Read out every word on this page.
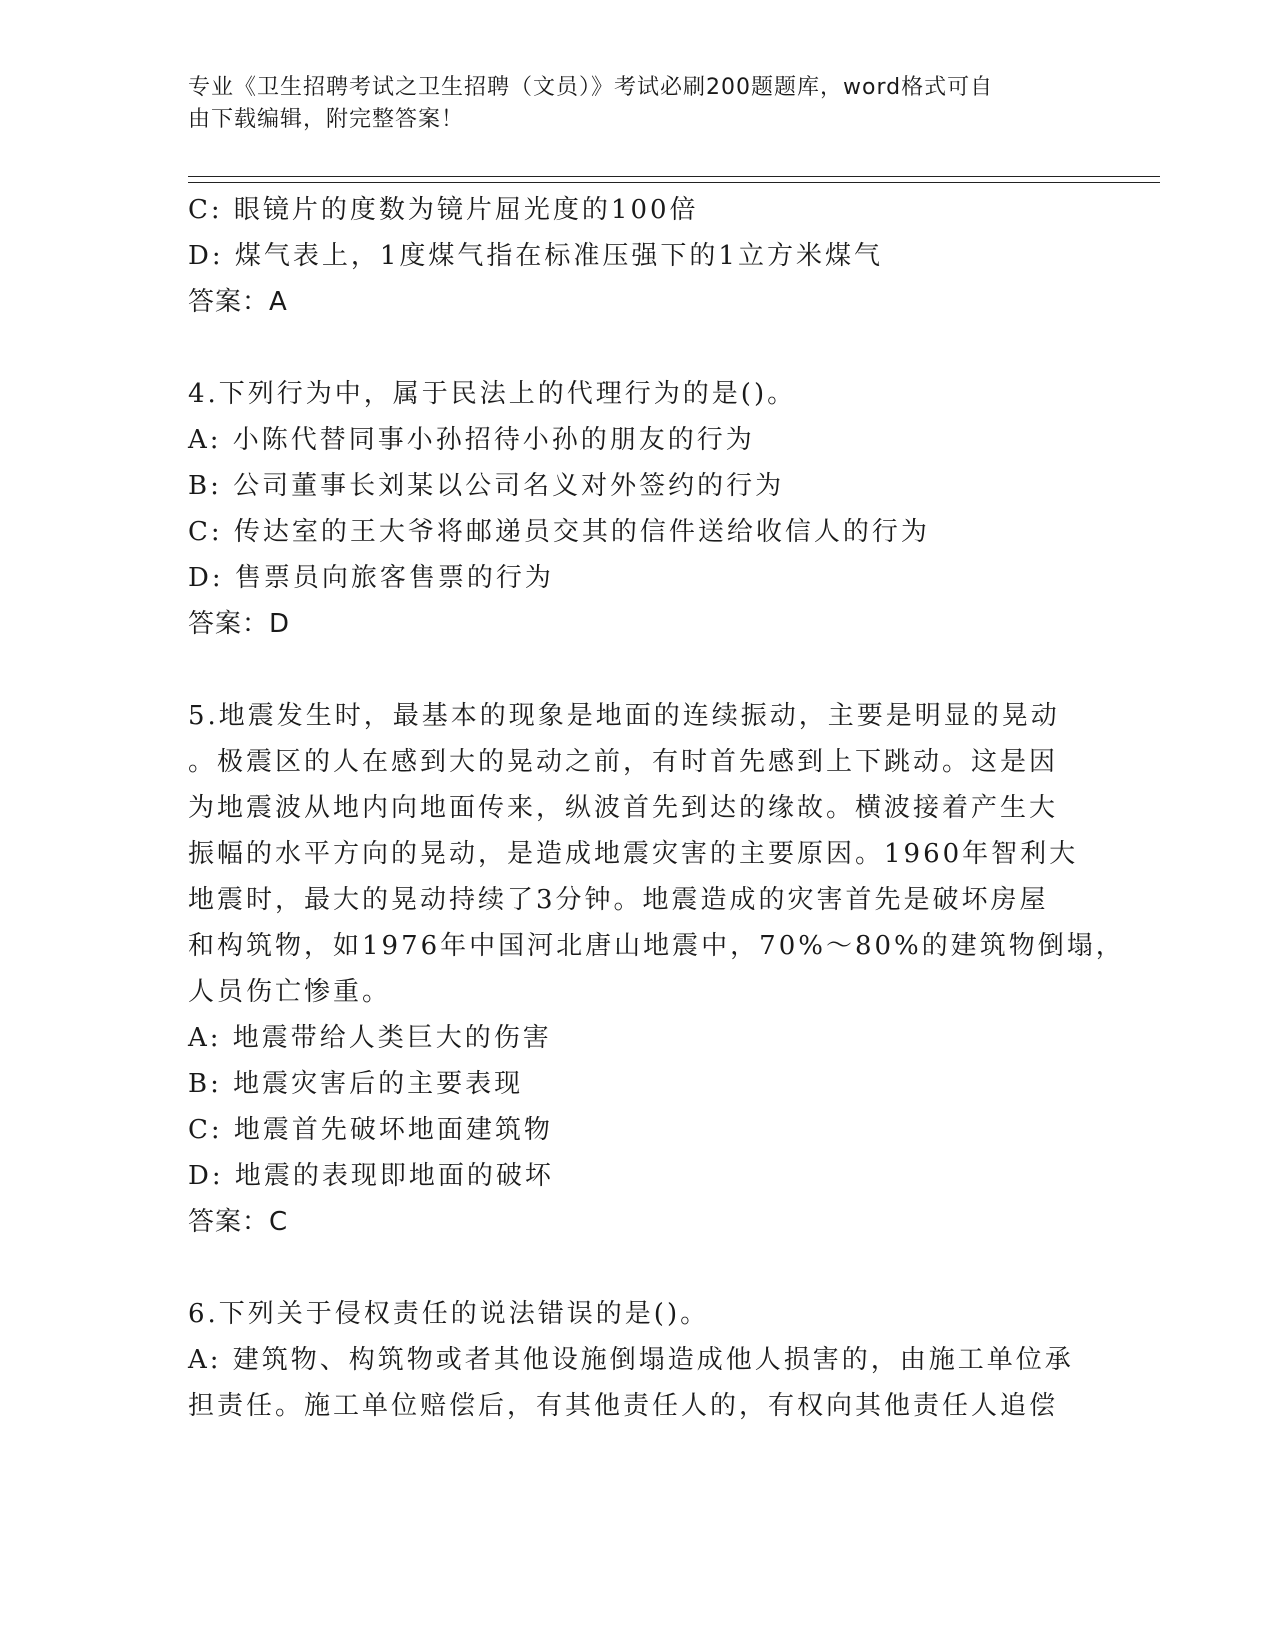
专业《卫生招聘考试之卫生招聘（文员）》考试必刷200题题库，word格式可自
由下载编辑，附完整答案！
C: 眼镜片的度数为镜片屈光度的100倍
D: 煤气表上，1度煤气指在标准压强下的1立方米煤气
答案：A
4.下列行为中，属于民法上的代理行为的是()。
A: 小陈代替同事小孙招待小孙的朋友的行为
B: 公司董事长刘某以公司名义对外签约的行为
C: 传达室的王大爷将邮递员交其的信件送给收信人的行为
D: 售票员向旅客售票的行为
答案：D
5.地震发生时，最基本的现象是地面的连续振动，主要是明显的晃动
。极震区的人在感到大的晃动之前，有时首先感到上下跳动。这是因
为地震波从地内向地面传来，纵波首先到达的缘故。横波接着产生大
振幅的水平方向的晃动，是造成地震灾害的主要原因。1960年智利大
地震时，最大的晃动持续了3分钟。地震造成的灾害首先是破坏房屋
和构筑物，如1976年中国河北唐山地震中，70%～80%的建筑物倒塌，
人员伤亡惨重。
A: 地震带给人类巨大的伤害
B: 地震灾害后的主要表现
C: 地震首先破坏地面建筑物
D: 地震的表现即地面的破坏
答案：C
6.下列关于侵权责任的说法错误的是()。
A: 建筑物、构筑物或者其他设施倒塌造成他人损害的，由施工单位承
担责任。施工单位赔偿后，有其他责任人的，有权向其他责任人追偿
